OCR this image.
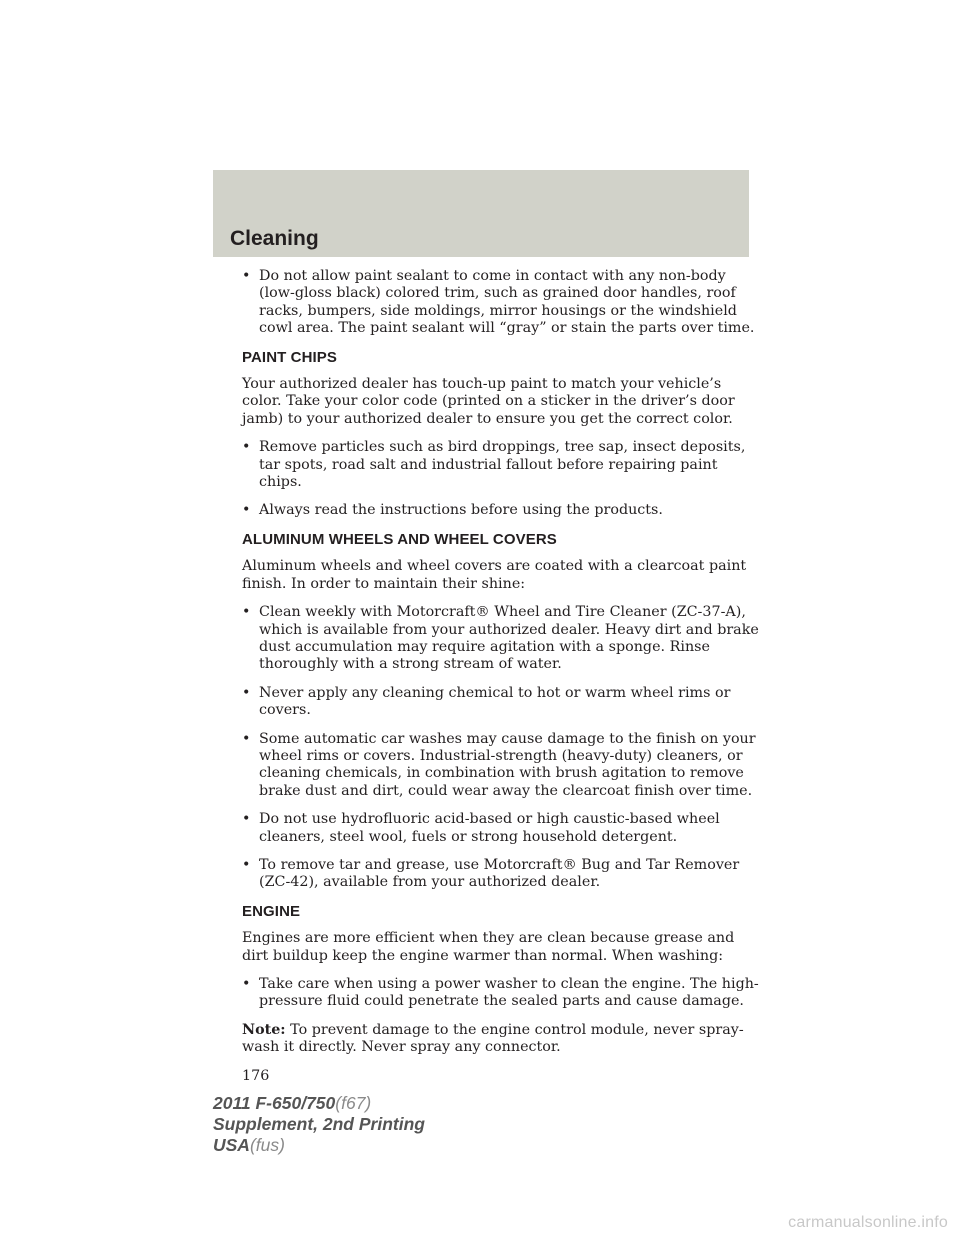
Cleaning
• Do not allow paint sealant to come in contact with any non-body (low-gloss black) colored trim, such as grained door handles, roof racks, bumpers, side moldings, mirror housings or the windshield cowl area. The paint sealant will “gray” or stain the parts over time.
PAINT CHIPS

Your authorized dealer has touch-up paint to match your vehicle’s color. Take your color code (printed on a sticker in the driver’s door jamb) to your authorized dealer to ensure you get the correct color.

• Remove particles such as bird droppings, tree sap, insect deposits, tar spots, road salt and industrial fallout before repairing paint chips.
• Always read the instructions before using the products.
ALUMINUM WHEELS AND WHEEL COVERS

Aluminum wheels and wheel covers are coated with a clearcoat paint finish. In order to maintain their shine:

• Clean weekly with Motorcraft® Wheel and Tire Cleaner (ZC-37-A), which is available from your authorized dealer. Heavy dirt and brake dust accumulation may require agitation with a sponge. Rinse thoroughly with a strong stream of water.
• Never apply any cleaning chemical to hot or warm wheel rims or covers.
• Some automatic car washes may cause damage to the finish on your wheel rims or covers. Industrial-strength (heavy-duty) cleaners, or cleaning chemicals, in combination with brush agitation to remove brake dust and dirt, could wear away the clearcoat finish over time.
• Do not use hydrofluoric acid-based or high caustic-based wheel cleaners, steel wool, fuels or strong household detergent.
• To remove tar and grease, use Motorcraft® Bug and Tar Remover (ZC-42), available from your authorized dealer.
ENGINE

Engines are more efficient when they are clean because grease and dirt buildup keep the engine warmer than normal. When washing:

• Take care when using a power washer to clean the engine. The high-pressure fluid could penetrate the sealed parts and cause damage.

Note: To prevent damage to the engine control module, never spray-wash it directly. Never spray any connector.

176

2011 F-650/750(f67)
Supplement, 2nd Printing
USA(fus)
carmanualsonline.info
